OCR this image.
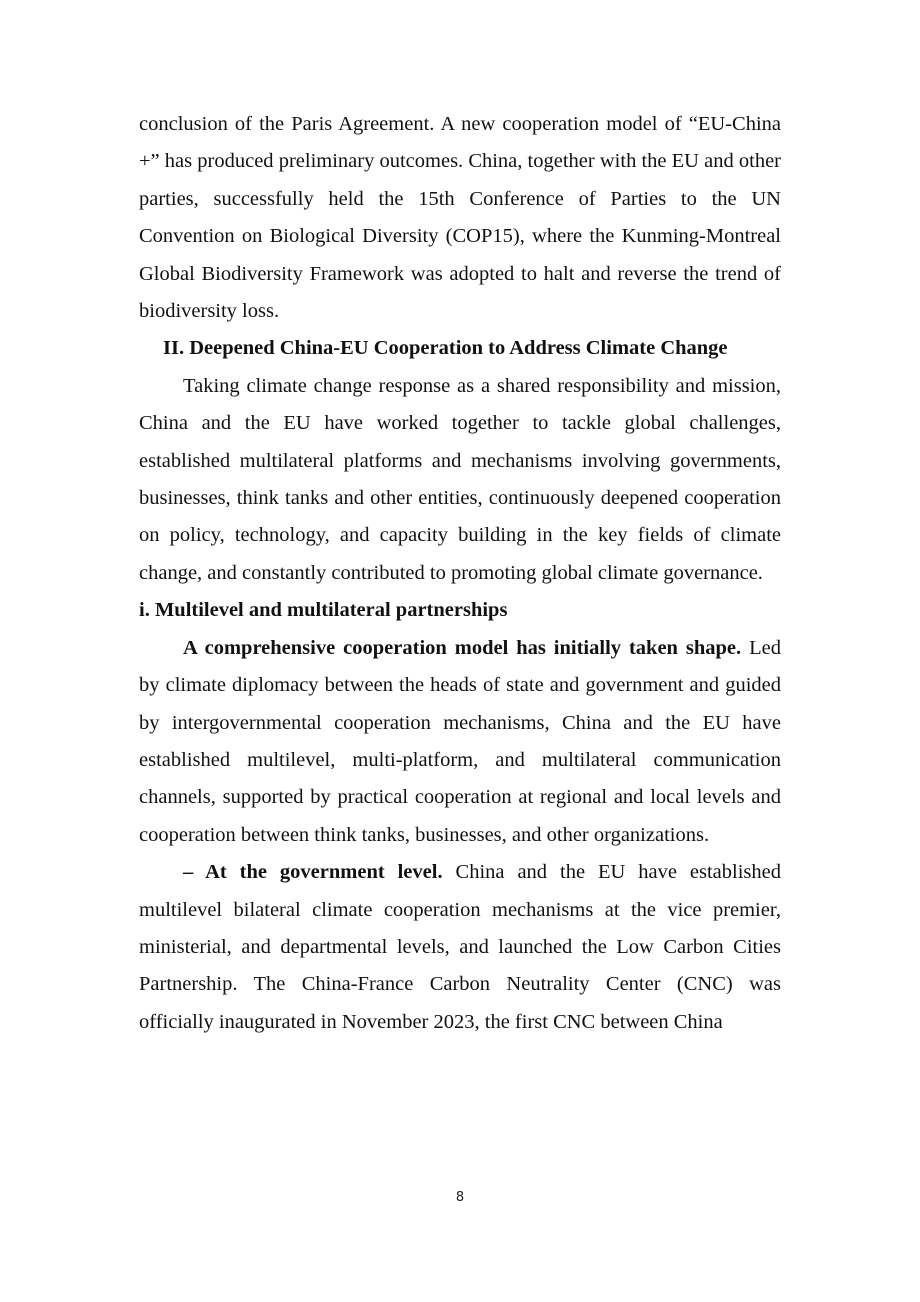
conclusion of the Paris Agreement. A new cooperation model of “EU-China +” has produced preliminary outcomes. China, together with the EU and other parties, successfully held the 15th Conference of Parties to the UN Convention on Biological Diversity (COP15), where the Kunming-Montreal Global Biodiversity Framework was adopted to halt and reverse the trend of biodiversity loss.

II. Deepened China-EU Cooperation to Address Climate Change

Taking climate change response as a shared responsibility and mission, China and the EU have worked together to tackle global challenges, established multilateral platforms and mechanisms involving governments, businesses, think tanks and other entities, continuously deepened cooperation on policy, technology, and capacity building in the key fields of climate change, and constantly contributed to promoting global climate governance.

i. Multilevel and multilateral partnerships

A comprehensive cooperation model has initially taken shape. Led by climate diplomacy between the heads of state and government and guided by intergovernmental cooperation mechanisms, China and the EU have established multilevel, multi-platform, and multilateral communication channels, supported by practical cooperation at regional and local levels and cooperation between think tanks, businesses, and other organizations.

– At the government level. China and the EU have established multilevel bilateral climate cooperation mechanisms at the vice premier, ministerial, and departmental levels, and launched the Low Carbon Cities Partnership. The China-France Carbon Neutrality Center (CNC) was officially inaugurated in November 2023, the first CNC between China

8
